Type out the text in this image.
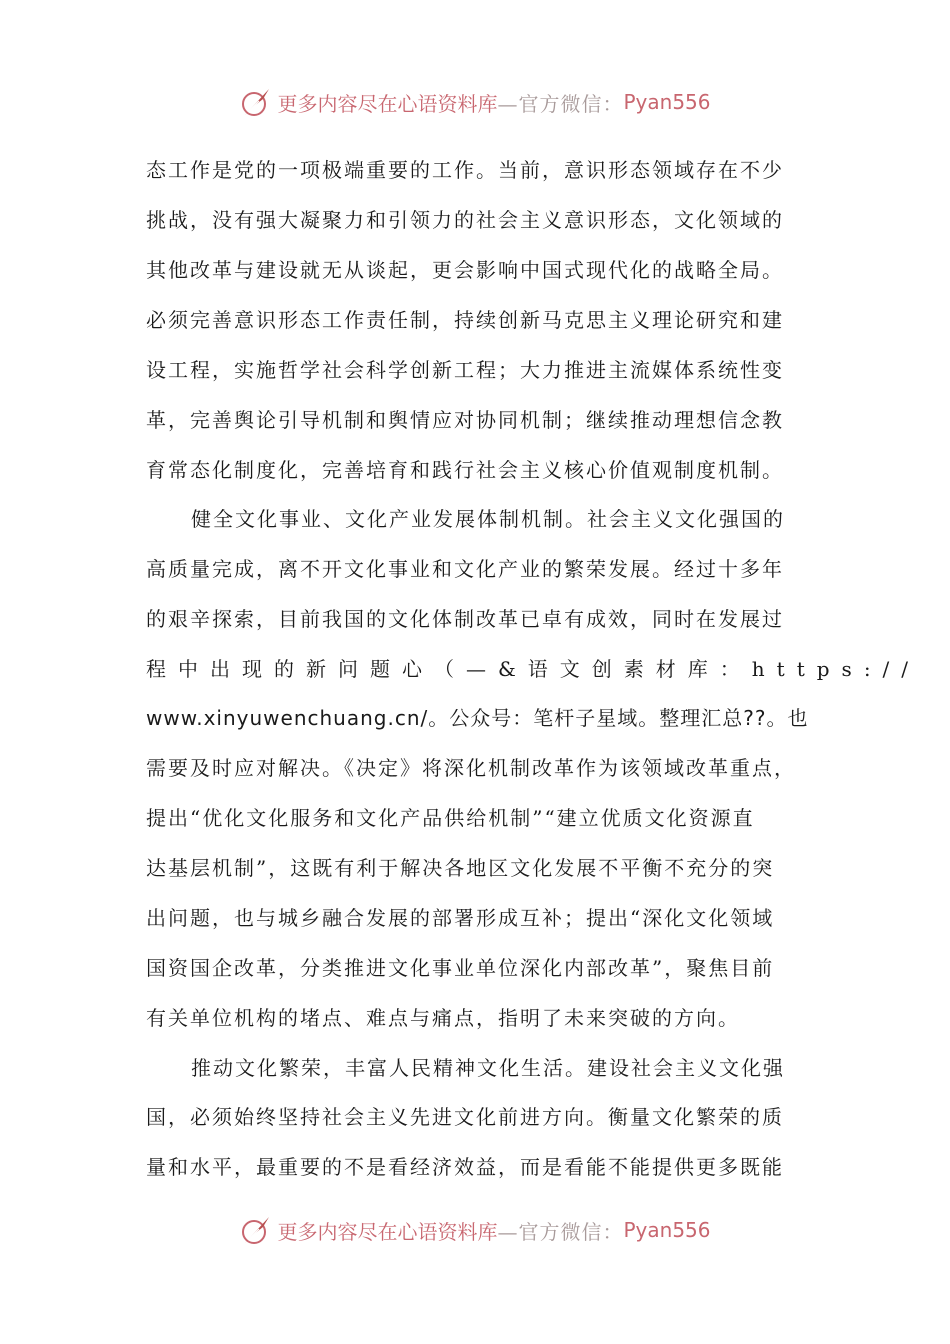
更多内容尽在心语资料库 —官方微信： Pyan556
态工作是党的一项极端重要的工作。当前，意识形态领域存在不少
挑战，没有强大凝聚力和引领力的社会主义意识形态，文化领域的
其他改革与建设就无从谈起，更会影响中国式现代化的战略全局。
必须完善意识形态工作责任制，持续创新马克思主义理论研究和建
设工程，实施哲学社会科学创新工程；大力推进主流媒体系统性变
革，完善舆论引导机制和舆情应对协同机制；继续推动理想信念教
育常态化制度化，完善培育和践行社会主义核心价值观制度机制。
健全文化事业、文化产业发展体制机制。社会主义文化强国的
高质量完成，离不开文化事业和文化产业的繁荣发展。经过十多年
的艰辛探索，目前我国的文化体制改革已卓有成效，同时在发展过
程中出现的新问题心（—&语文创素材库：https://
www.xinyuwenchuang.cn/。公众号：笔杆子星域。整理汇总??。也
需要及时应对解决。《决定》将深化机制改革作为该领域改革重点，
提出“优化文化服务和文化产品供给机制”“建立优质文化资源直
达基层机制”，这既有利于解决各地区文化发展不平衡不充分的突
出问题，也与城乡融合发展的部署形成互补；提出“深化文化领域
国资国企改革，分类推进文化事业单位深化内部改革”，聚焦目前
有关单位机构的堵点、难点与痛点，指明了未来突破的方向。
推动文化繁荣，丰富人民精神文化生活。建设社会主义文化强
国，必须始终坚持社会主义先进文化前进方向。衡量文化繁荣的质
量和水平，最重要的不是看经济效益，而是看能不能提供更多既能
更多内容尽在心语资料库 —官方微信： Pyan556
